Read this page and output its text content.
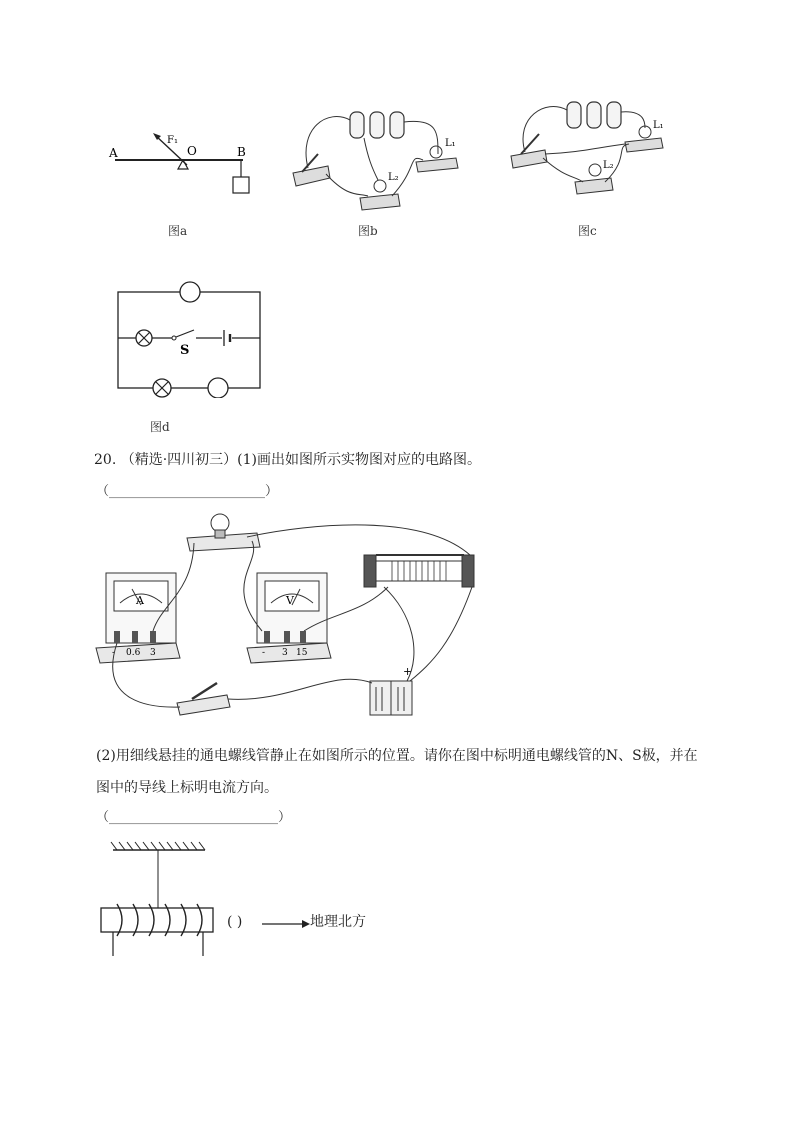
A	O	B
F₁
图a
L₁
L₂
图b
L₁
L₂
图c
S
图d
20. （精选·四川初三）(1)画出如图所示实物图对应的电路图。
（________________________）
A
- 0.6 3
V
- 3 15
+
(2)用细线悬挂的通电螺线管静止在如图所示的位置。请你在图中标明通电螺线管的N、S极，并在
图中的导线上标明电流方向。
（__________________________）
( )	地理北方
